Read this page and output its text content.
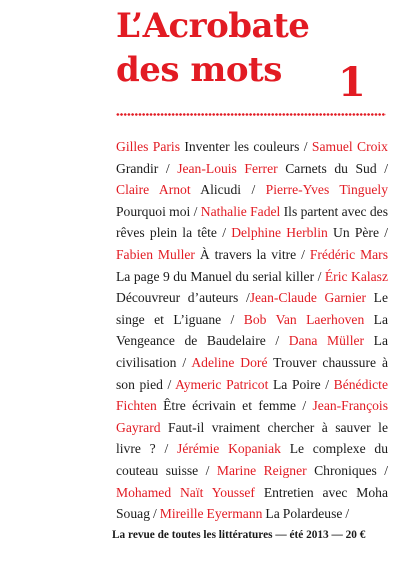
L’Acrobate
des mots	1

Gilles Paris Inventer les couleurs / Samuel Croix Grandir / Jean-Louis Ferrer Carnets du Sud / Claire Arnot Alicudi / Pierre-Yves Tinguely Pourquoi moi / Nathalie Fadel Ils partent avec des rêves plein la tête / Delphine Herblin Un Père / Fabien Muller À travers la vitre / Frédéric Mars La page 9 du Manuel du serial killer / Éric Kalasz Découvreur d’auteurs /Jean-Claude Garnier Le singe et L’iguane / Bob Van Laerhoven La Vengeance de Baudelaire / Dana Müller La civilisation / Adeline Doré Trouver chaussure à son pied / Aymeric Patricot La Poire / Bénédicte Fichten Être écrivain et femme / Jean-François Gayrard Faut-il vraiment chercher à sauver le livre ? / Jérémie Kopaniak Le complexe du couteau suisse / Marine Reigner Chroniques / Mohamed Naït Youssef Entretien avec Moha Souag / Mireille Eyermann La Polardeuse /

La revue de toutes les littératures — été 2013 — 20 €
